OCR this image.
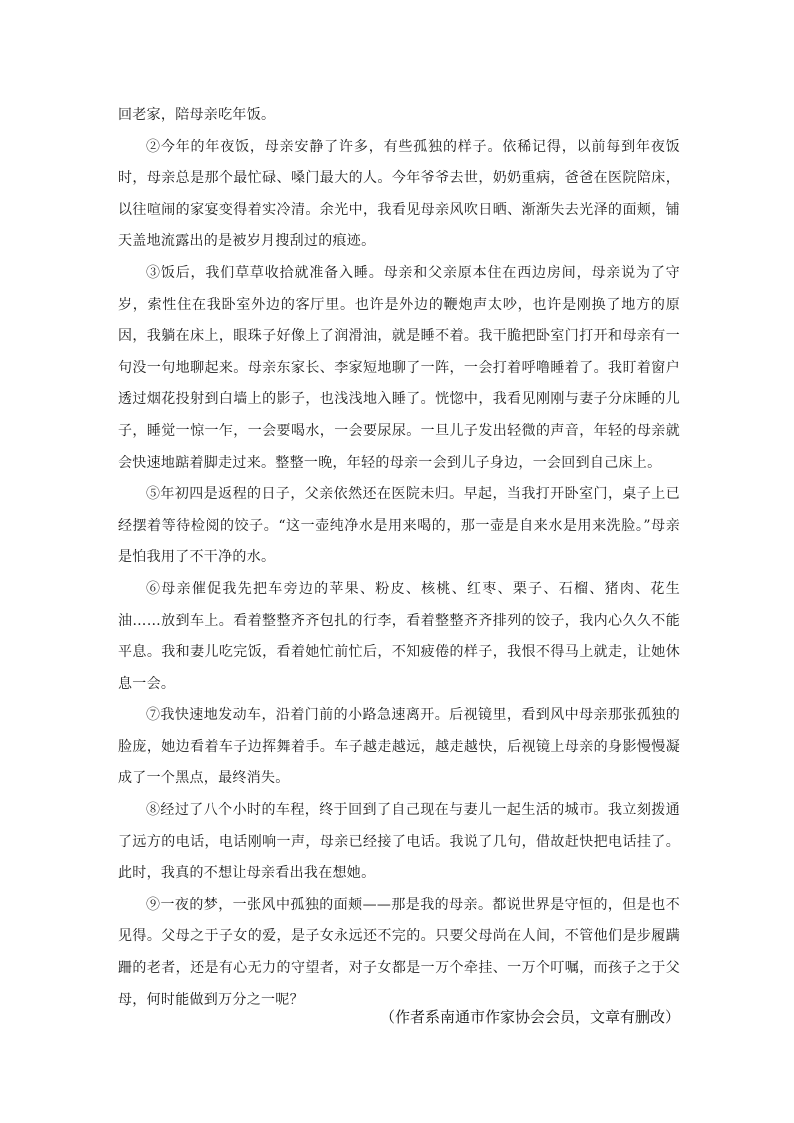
回老家，陪母亲吃年饭。

②今年的年夜饭，母亲安静了许多，有些孤独的样子。依稀记得，以前每到年夜饭时，母亲总是那个最忙碌、嗓门最大的人。今年爷爷去世，奶奶重病，爸爸在医院陪床，以往喧闹的家宴变得着实冷清。余光中，我看见母亲风吹日晒、渐渐失去光泽的面颊，铺天盖地流露出的是被岁月搜刮过的痕迹。

③饭后，我们草草收拾就准备入睡。母亲和父亲原本住在西边房间，母亲说为了守岁，索性住在我卧室外边的客厅里。也许是外边的鞭炮声太吵，也许是刚换了地方的原因，我躺在床上，眼珠子好像上了润滑油，就是睡不着。我干脆把卧室门打开和母亲有一句没一句地聊起来。母亲东家长、李家短地聊了一阵，一会打着呼噜睡着了。我盯着窗户透过烟花投射到白墙上的影子，也浅浅地入睡了。恍惚中，我看见刚刚与妻子分床睡的儿子，睡觉一惊一乍，一会要喝水，一会要尿尿。一旦儿子发出轻微的声音，年轻的母亲就会快速地踮着脚走过来。整整一晚，年轻的母亲一会到儿子身边，一会回到自己床上。

⑤年初四是返程的日子，父亲依然还在医院未归。早起，当我打开卧室门，桌子上已经摆着等待检阅的饺子。“这一壶纯净水是用来喝的，那一壶是自来水是用来洗脸。”母亲是怕我用了不干净的水。

⑥母亲催促我先把车旁边的苹果、粉皮、核桃、红枣、栗子、石榴、猪肉、花生油……放到车上。看着整整齐齐包扎的行李，看着整整齐齐排列的饺子，我内心久久不能平息。我和妻儿吃完饭，看着她忙前忙后，不知疲倦的样子，我恨不得马上就走，让她休息一会。

⑦我快速地发动车，沿着门前的小路急速离开。后视镜里，看到风中母亲那张孤独的脸庞，她边看着车子边挥舞着手。车子越走越远，越走越快，后视镜上母亲的身影慢慢凝成了一个黑点，最终消失。

⑧经过了八个小时的车程，终于回到了自己现在与妻儿一起生活的城市。我立刻拨通了远方的电话，电话刚响一声，母亲已经接了电话。我说了几句，借故赶快把电话挂了。此时，我真的不想让母亲看出我在想她。

⑨一夜的梦，一张风中孤独的面颊——那是我的母亲。都说世界是守恒的，但是也不见得。父母之于子女的爱，是子女永远还不完的。只要父母尚在人间，不管他们是步履蹒跚的老者，还是有心无力的守望者，对子女都是一万个牵挂、一万个叮嘱，而孩子之于父母，何时能做到万分之一呢？

（作者系南通市作家协会会员，文章有删改）
